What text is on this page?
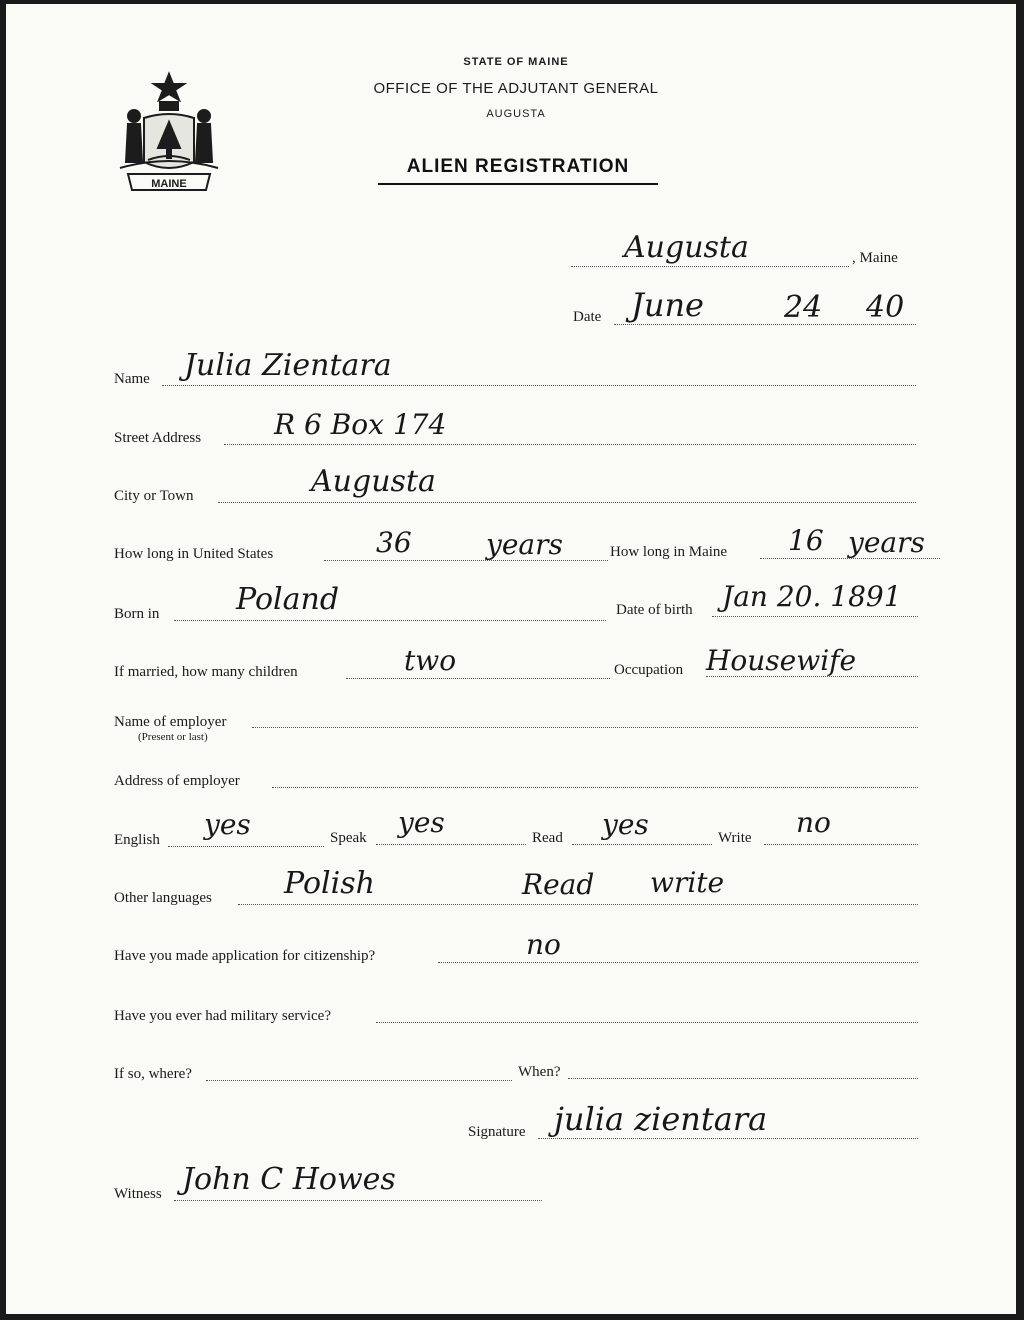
MAINE
STATE OF MAINE
OFFICE OF THE ADJUTANT GENERAL
AUGUSTA
ALIEN REGISTRATION
Augusta	, Maine
Date June	24 40
Name Julia Zientara
Street Address	R 6 Box 174
City or Town	Augusta
How long in United States	36	years	How long in Maine 16 years
Born in	Poland	Date of birth Jan 20. 1891
If married, how many children	two	Occupation Housewife
Name of employer
(Present or last)
Address of employer
English yes	Speak yes	Read yes	Write no
Other languages Polish	Read write
Have you made application for citizenship?	no
Have you ever had military service?
If so, where?	When?
Signature julia zientara
Witness John C Howes
